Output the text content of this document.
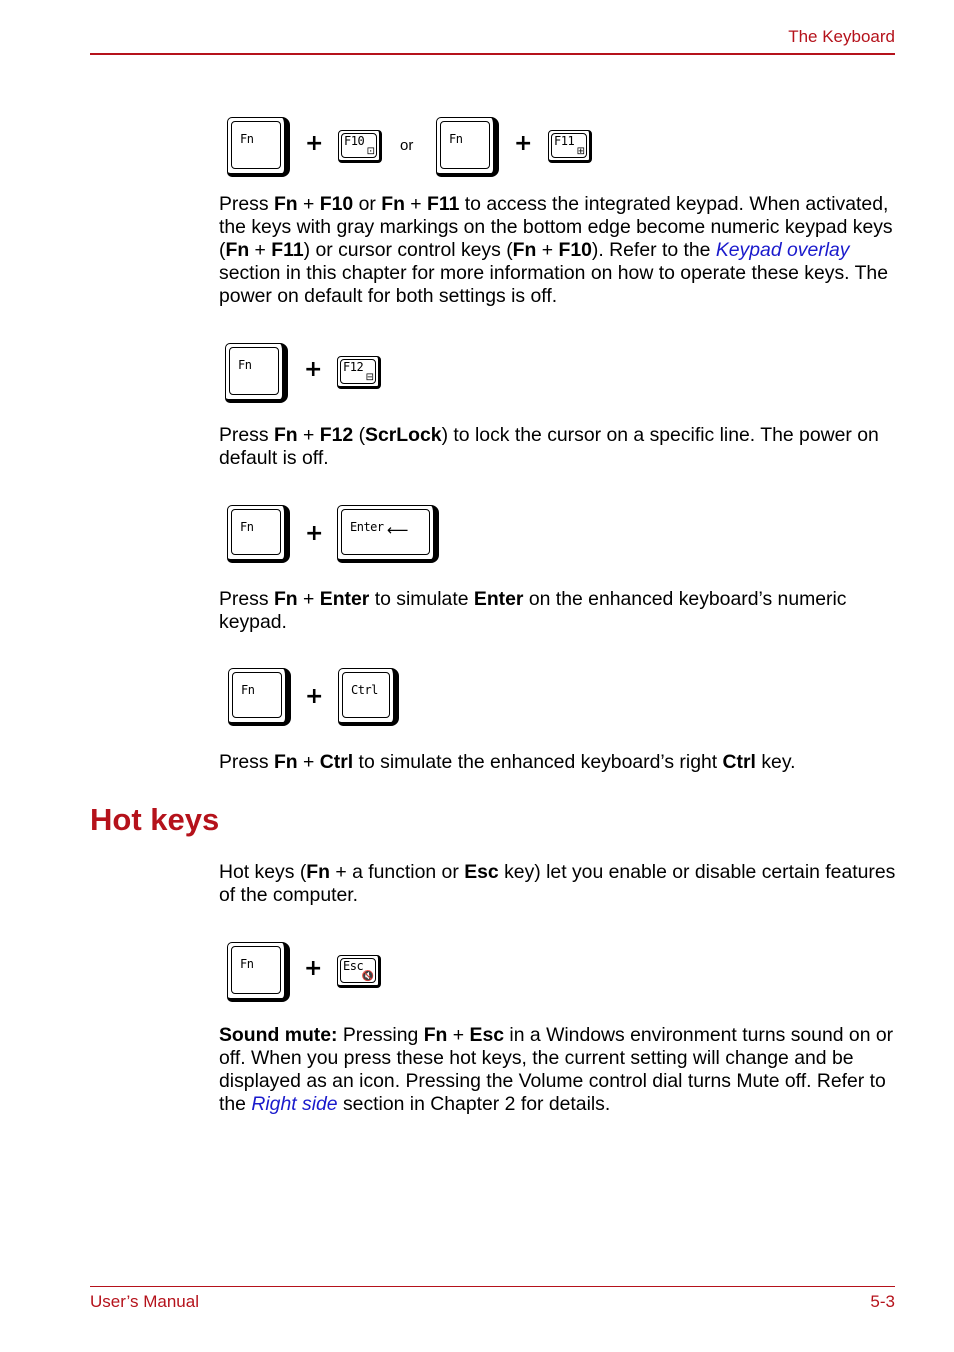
The Keyboard
Fn + F10
⊡ or	Fn + F11
⊞

Press Fn + F10 or Fn + F11 to access the integrated keypad. When activated, the keys with gray markings on the bottom edge become numeric keypad keys (Fn + F11) or cursor control keys (Fn + F10). Refer to the Keypad overlay section in this chapter for more information on how to operate these keys. The power on default for both settings is off.

Fn + F12
⊟

Press Fn + F12 (ScrLock) to lock the cursor on a specific line. The power on default is off.

Fn + Enter ⟵

Press Fn + Enter to simulate Enter on the enhanced keyboard’s numeric keypad.

Fn + Ctrl

Press Fn + Ctrl to simulate the enhanced keyboard’s right Ctrl key.

Hot keys

Hot keys (Fn + a function or Esc key) let you enable or disable certain features of the computer.

Fn + Esc
🔇

Sound mute: Pressing Fn + Esc in a Windows environment turns sound on or off. When you press these hot keys, the current setting will change and be displayed as an icon. Pressing the Volume control dial turns Mute off. Refer to the Right side section in Chapter 2 for details.

User’s Manual	5-3
